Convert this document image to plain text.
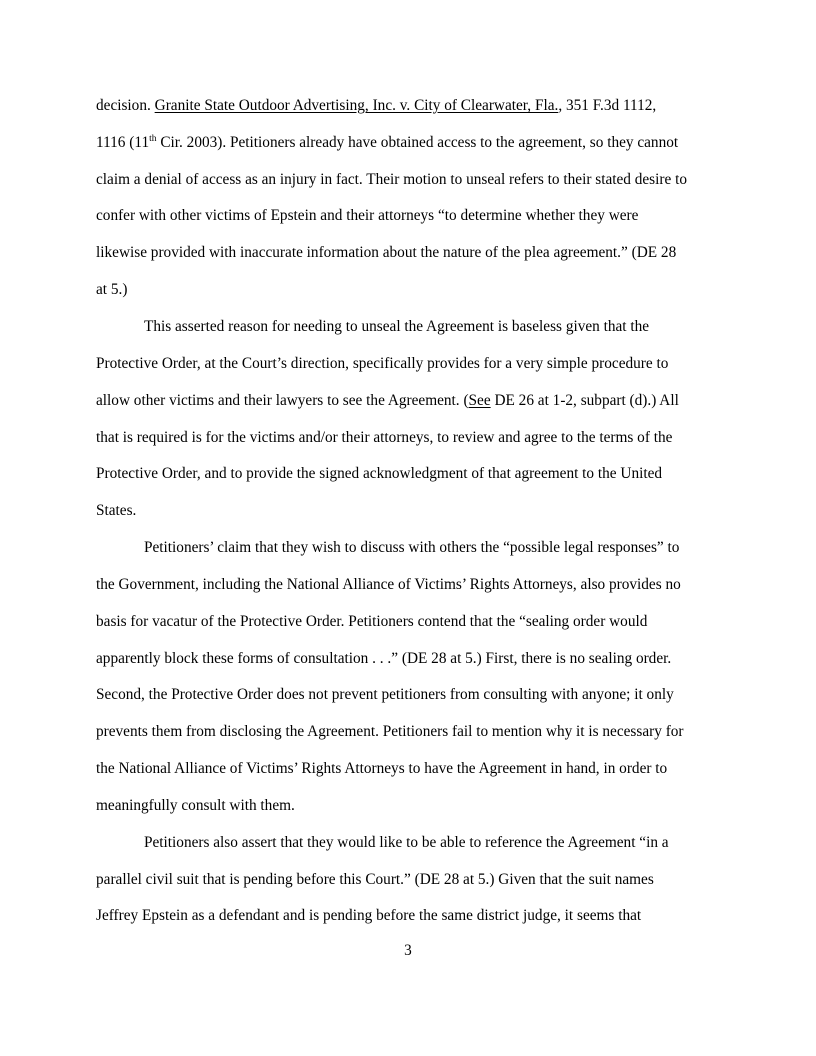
decision. Granite State Outdoor Advertising, Inc. v. City of Clearwater, Fla., 351 F.3d 1112,
1116 (11th Cir. 2003). Petitioners already have obtained access to the agreement, so they cannot
claim a denial of access as an injury in fact. Their motion to unseal refers to their stated desire to
confer with other victims of Epstein and their attorneys “to determine whether they were
likewise provided with inaccurate information about the nature of the plea agreement.” (DE 28
at 5.)
This asserted reason for needing to unseal the Agreement is baseless given that the
Protective Order, at the Court’s direction, specifically provides for a very simple procedure to
allow other victims and their lawyers to see the Agreement. (See DE 26 at 1-2, subpart (d).) All
that is required is for the victims and/or their attorneys, to review and agree to the terms of the
Protective Order, and to provide the signed acknowledgment of that agreement to the United
States.
Petitioners’ claim that they wish to discuss with others the “possible legal responses” to
the Government, including the National Alliance of Victims’ Rights Attorneys, also provides no
basis for vacatur of the Protective Order. Petitioners contend that the “sealing order would
apparently block these forms of consultation . . .” (DE 28 at 5.) First, there is no sealing order.
Second, the Protective Order does not prevent petitioners from consulting with anyone; it only
prevents them from disclosing the Agreement. Petitioners fail to mention why it is necessary for
the National Alliance of Victims’ Rights Attorneys to have the Agreement in hand, in order to
meaningfully consult with them.
Petitioners also assert that they would like to be able to reference the Agreement “in a
parallel civil suit that is pending before this Court.” (DE 28 at 5.) Given that the suit names
Jeffrey Epstein as a defendant and is pending before the same district judge, it seems that
3
